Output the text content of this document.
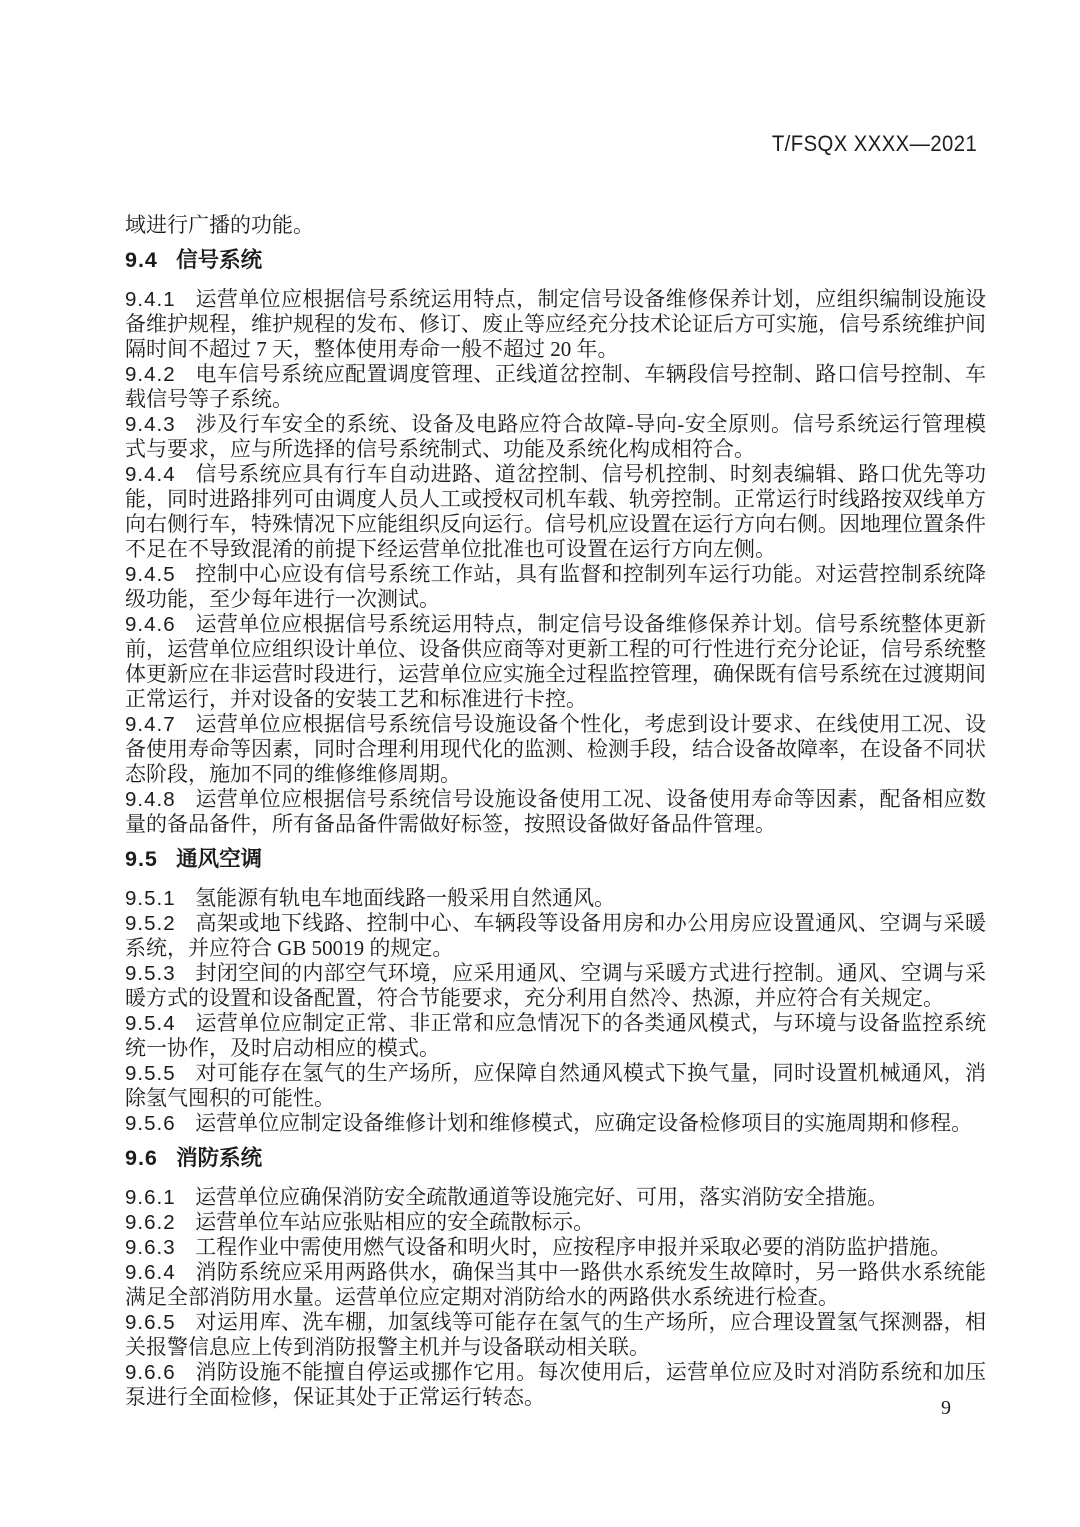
T/FSQX XXXX—2021

域进行广播的功能。

9.4 信号系统

9.4.1 运营单位应根据信号系统运用特点，制定信号设备维修保养计划，应组织编制设施设备维护规程，维护规程的发布、修订、废止等应经充分技术论证后方可实施，信号系统维护间隔时间不超过 7 天，整体使用寿命一般不超过 20 年。

9.4.2 电车信号系统应配置调度管理、正线道岔控制、车辆段信号控制、路口信号控制、车载信号等子系统。

9.4.3 涉及行车安全的系统、设备及电路应符合故障-导向-安全原则。信号系统运行管理模式与要求，应与所选择的信号系统制式、功能及系统化构成相符合。

9.4.4 信号系统应具有行车自动进路、道岔控制、信号机控制、时刻表编辑、路口优先等功能，同时进路排列可由调度人员人工或授权司机车载、轨旁控制。正常运行时线路按双线单方向右侧行车，特殊情况下应能组织反向运行。信号机应设置在运行方向右侧。因地理位置条件不足在不导致混淆的前提下经运营单位批准也可设置在运行方向左侧。

9.4.5 控制中心应设有信号系统工作站，具有监督和控制列车运行功能。对运营控制系统降级功能，至少每年进行一次测试。

9.4.6 运营单位应根据信号系统运用特点，制定信号设备维修保养计划。信号系统整体更新前，运营单位应组织设计单位、设备供应商等对更新工程的可行性进行充分论证，信号系统整体更新应在非运营时段进行，运营单位应实施全过程监控管理，确保既有信号系统在过渡期间正常运行，并对设备的安装工艺和标准进行卡控。

9.4.7 运营单位应根据信号系统信号设施设备个性化，考虑到设计要求、在线使用工况、设备使用寿命等因素，同时合理利用现代化的监测、检测手段，结合设备故障率，在设备不同状态阶段，施加不同的维修维修周期。

9.4.8 运营单位应根据信号系统信号设施设备使用工况、设备使用寿命等因素，配备相应数量的备品备件，所有备品备件需做好标签，按照设备做好备品件管理。

9.5 通风空调

9.5.1 氢能源有轨电车地面线路一般采用自然通风。

9.5.2 高架或地下线路、控制中心、车辆段等设备用房和办公用房应设置通风、空调与采暖系统，并应符合 GB 50019 的规定。

9.5.3 封闭空间的内部空气环境，应采用通风、空调与采暖方式进行控制。通风、空调与采暖方式的设置和设备配置，符合节能要求，充分利用自然冷、热源，并应符合有关规定。

9.5.4 运营单位应制定正常、非正常和应急情况下的各类通风模式，与环境与设备监控系统统一协作，及时启动相应的模式。

9.5.5 对可能存在氢气的生产场所，应保障自然通风模式下换气量，同时设置机械通风，消除氢气囤积的可能性。

9.5.6 运营单位应制定设备维修计划和维修模式，应确定设备检修项目的实施周期和修程。

9.6 消防系统

9.6.1 运营单位应确保消防安全疏散通道等设施完好、可用，落实消防安全措施。

9.6.2 运营单位车站应张贴相应的安全疏散标示。

9.6.3 工程作业中需使用燃气设备和明火时，应按程序申报并采取必要的消防监护措施。

9.6.4 消防系统应采用两路供水，确保当其中一路供水系统发生故障时，另一路供水系统能满足全部消防用水量。运营单位应定期对消防给水的两路供水系统进行检查。

9.6.5 对运用库、洗车棚，加氢线等可能存在氢气的生产场所，应合理设置氢气探测器，相关报警信息应上传到消防报警主机并与设备联动相关联。

9.6.6 消防设施不能擅自停运或挪作它用。每次使用后，运营单位应及时对消防系统和加压泵进行全面检修，保证其处于正常运行转态。	9
